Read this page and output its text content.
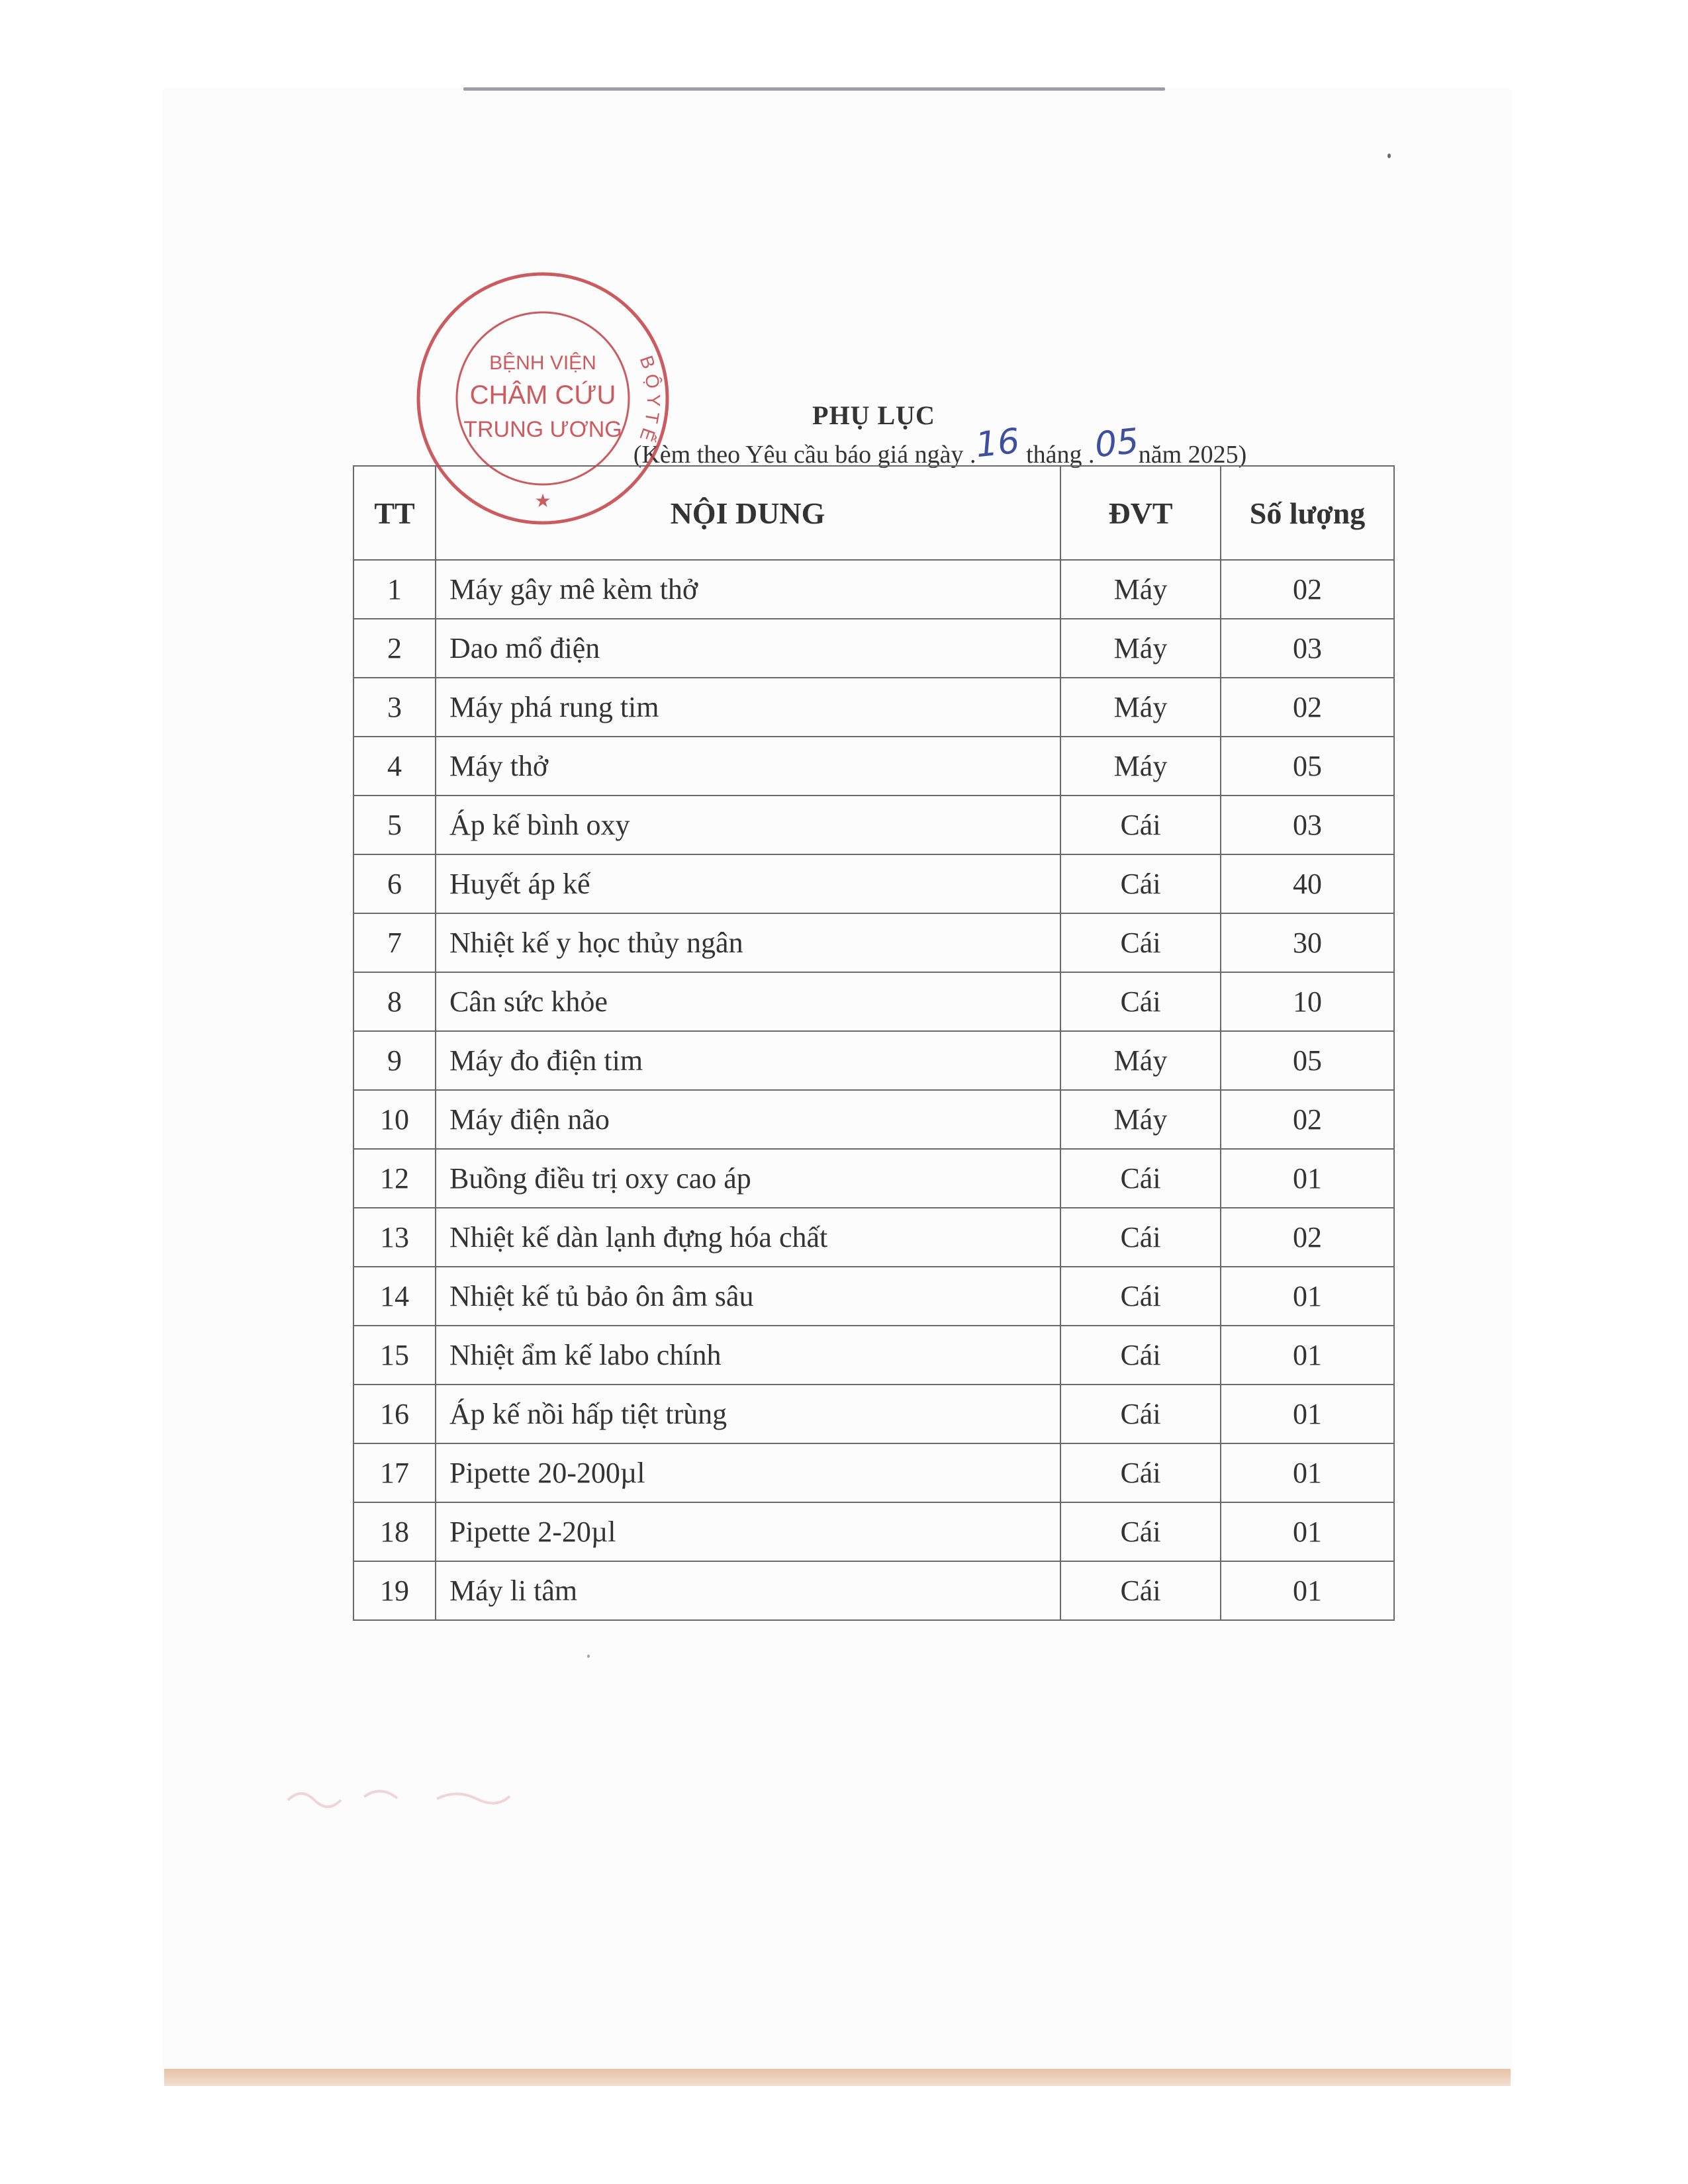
PHỤ LỤC
(Kèm theo Yêu cầu báo giá ngày .16 tháng .05năm 2025)
TT	NỘI DUNG	ĐVT	Số lượng
1	Máy gây mê kèm thở	Máy	02
2	Dao mổ điện	Máy	03
3	Máy phá rung tim	Máy	02
4	Máy thở	Máy	05
5	Áp kế bình oxy	Cái	03
6	Huyết áp kế	Cái	40
7	Nhiệt kế y học thủy ngân	Cái	30
8	Cân sức khỏe	Cái	10
9	Máy đo điện tim	Máy	05
10	Máy điện não	Máy	02
12	Buồng điều trị oxy cao áp	Cái	01
13	Nhiệt kế dàn lạnh đựng hóa chất	Cái	02
14	Nhiệt kế tủ bảo ôn âm sâu	Cái	01
15	Nhiệt ẩm kế labo chính	Cái	01
16	Áp kế nồi hấp tiệt trùng	Cái	01
17	Pipette 20-200µl	Cái	01
18	Pipette 2-20µl	Cái	01
19	Máy li tâm	Cái	01
B Ộ Y T Ế
BỆNH VIỆN
CHÂM CỨU
TRUNG ƯƠNG
★
